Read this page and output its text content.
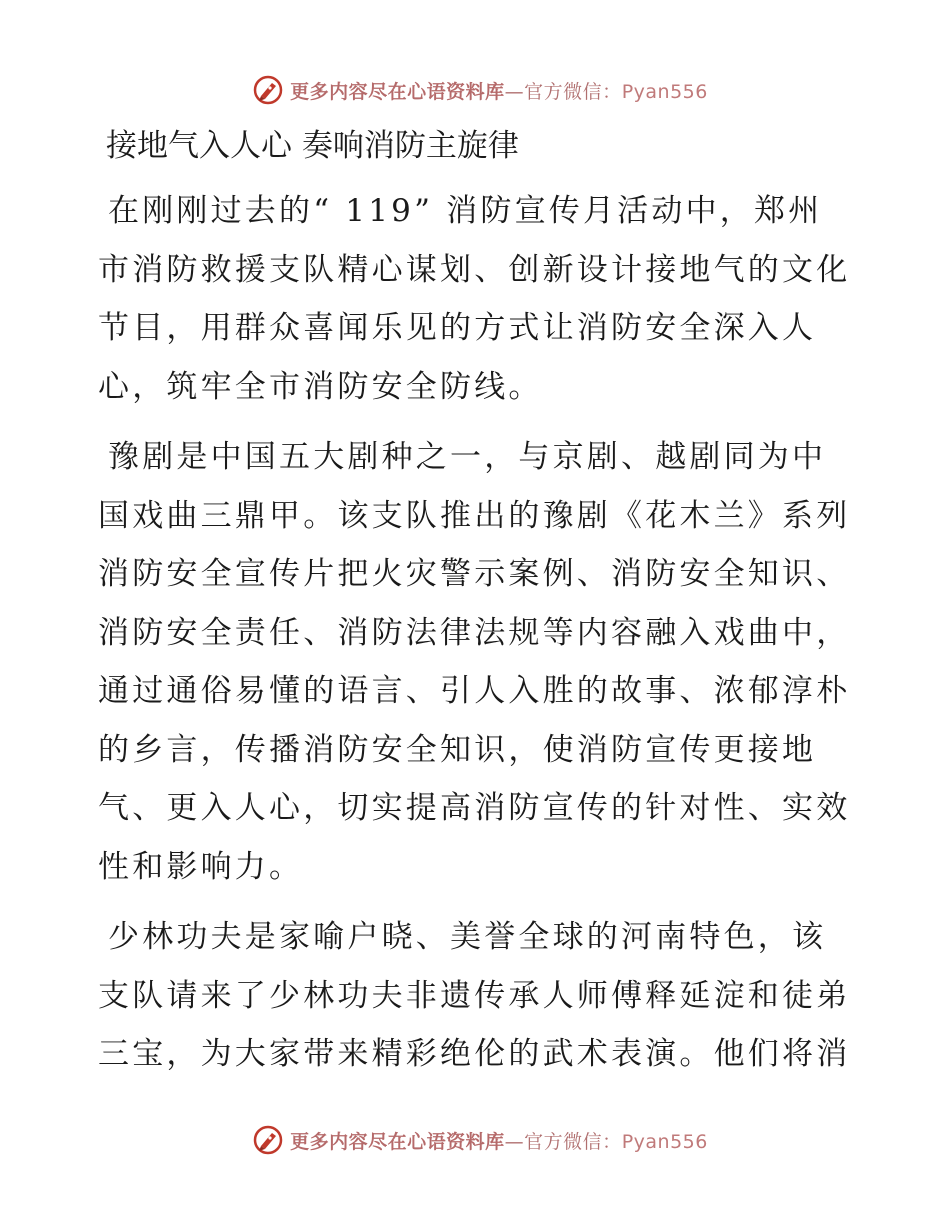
更多内容尽在心语资料库—官方微信：Pyan556
接地气入人心 奏响消防主旋律
在刚刚过去的“ 119” 消防宣传月活动中，郑州
市消防救援支队精心谋划、创新设计接地气的文化
节目，用群众喜闻乐见的方式让消防安全深入人
心，筑牢全市消防安全防线。
豫剧是中国五大剧种之一，与京剧、越剧同为中
国戏曲三鼎甲。该支队推出的豫剧《花木兰》系列
消防安全宣传片把火灾警示案例、消防安全知识、
消防安全责任、消防法律法规等内容融入戏曲中，
通过通俗易懂的语言、引人入胜的故事、浓郁淳朴
的乡言，传播消防安全知识，使消防宣传更接地
气、更入人心，切实提高消防宣传的针对性、实效
性和影响力。
少林功夫是家喻户晓、美誉全球的河南特色，该
支队请来了少林功夫非遗传承人师傅释延淀和徒弟
三宝，为大家带来精彩绝伦的武术表演。他们将消
更多内容尽在心语资料库—官方微信：Pyan556
